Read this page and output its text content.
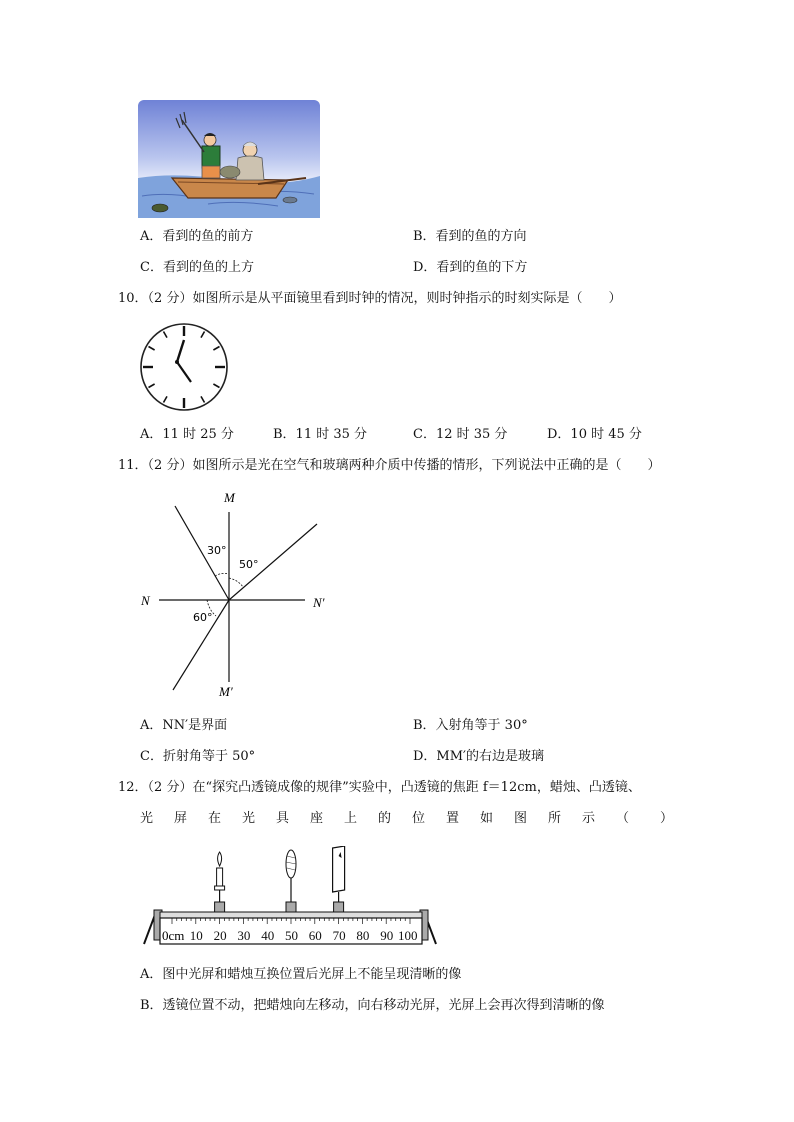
A．看到的鱼的前方	B．看到的鱼的方向
C．看到的鱼的上方	D．看到的鱼的下方
10．（2 分）如图所示是从平面镜里看到时钟的情况，则时钟指示的时刻实际是（　　）
A．11 时 25 分	B．11 时 35 分	C．12 时 35 分	D．10 时 45 分
11．（2 分）如图所示是光在空气和玻璃两种介质中传播的情形，下列说法中正确的是（　　）
M
M′
N	N′
30°
50°
60°
A．NN′是界面	B．入射角等于 30°
C．折射角等于 50°	D．MM′的右边是玻璃
12．（2 分）在“探究凸透镜成像的规律”实验中，凸透镜的焦距 f＝12cm，蜡烛、凸透镜、
光屏在光具座上的位置如图所示（ ）
10 20 30 40 50 60 70 80 90 100
0cm
A．图中光屏和蜡烛互换位置后光屏上不能呈现清晰的像
B．透镜位置不动，把蜡烛向左移动，向右移动光屏，光屏上会再次得到清晰的像
